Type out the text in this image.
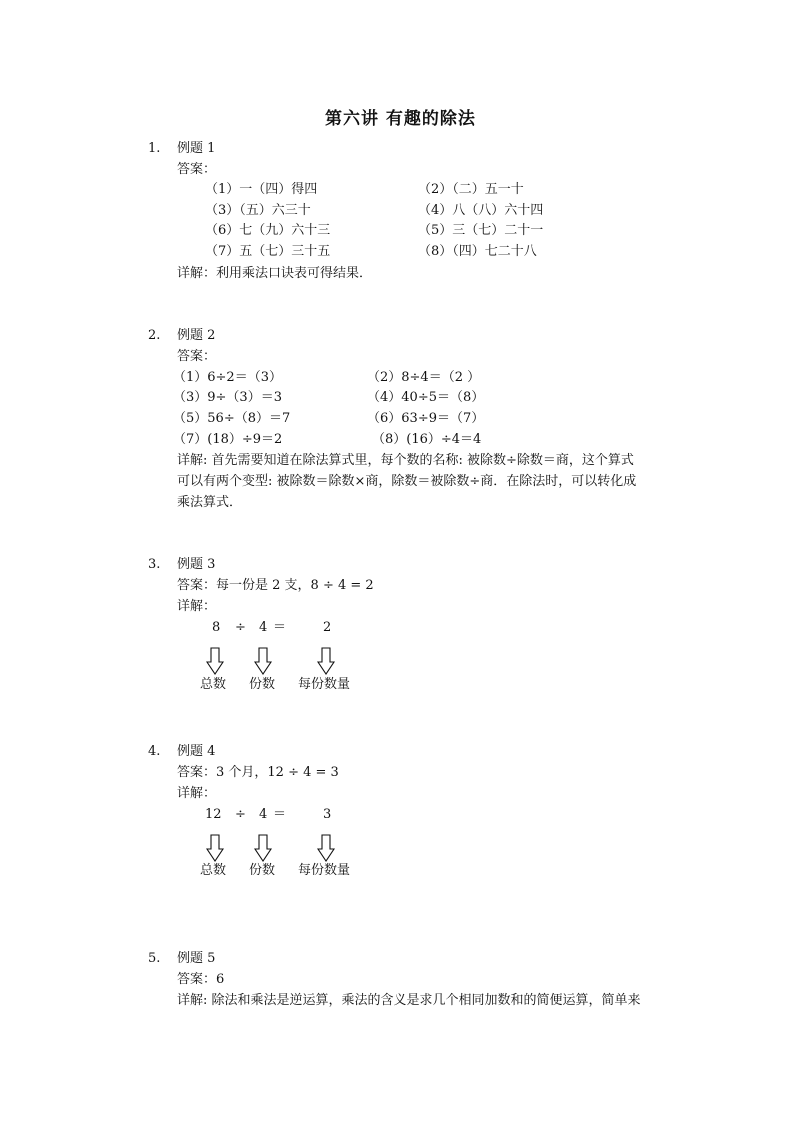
第六讲 有趣的除法
1. 例题 1
答案：
（1）一（四）得四	（2）（二）五一十
（3）（五）六三十	（4）八（八）六十四
（6）七（九）六十三	（5）三（七）二十一
（7）五（七）三十五	（8）（四）七二十八
详解：利用乘法口诀表可得结果．
2. 例题 2
答案：
（1）6÷2＝（3）	（2）8÷4＝（2 ）
（3）9÷（3）＝3	（4）40÷5＝（8）
（5）56÷（8）＝7	（6）63÷9＝（7）
（7）(18）÷9＝2	（8）(16）÷4＝4
详解: 首先需要知道在除法算式里，每个数的名称: 被除数÷除数＝商，这个算式
可以有两个变型: 被除数＝除数×商，除数＝被除数÷商．在除法时，可以转化成
乘法算式．
3. 例题 3
答案：每一份是 2 支，8 ÷ 4 = 2
详解：
8 ÷ 4 ＝	2
总数 份数 每份数量
4. 例题 4
答案：3 个月，12 ÷ 4 = 3
详解：
12 ÷ 4 ＝	3
总数 份数 每份数量
5. 例题 5
答案：6
详解: 除法和乘法是逆运算，乘法的含义是求几个相同加数和的简便运算，简单来
